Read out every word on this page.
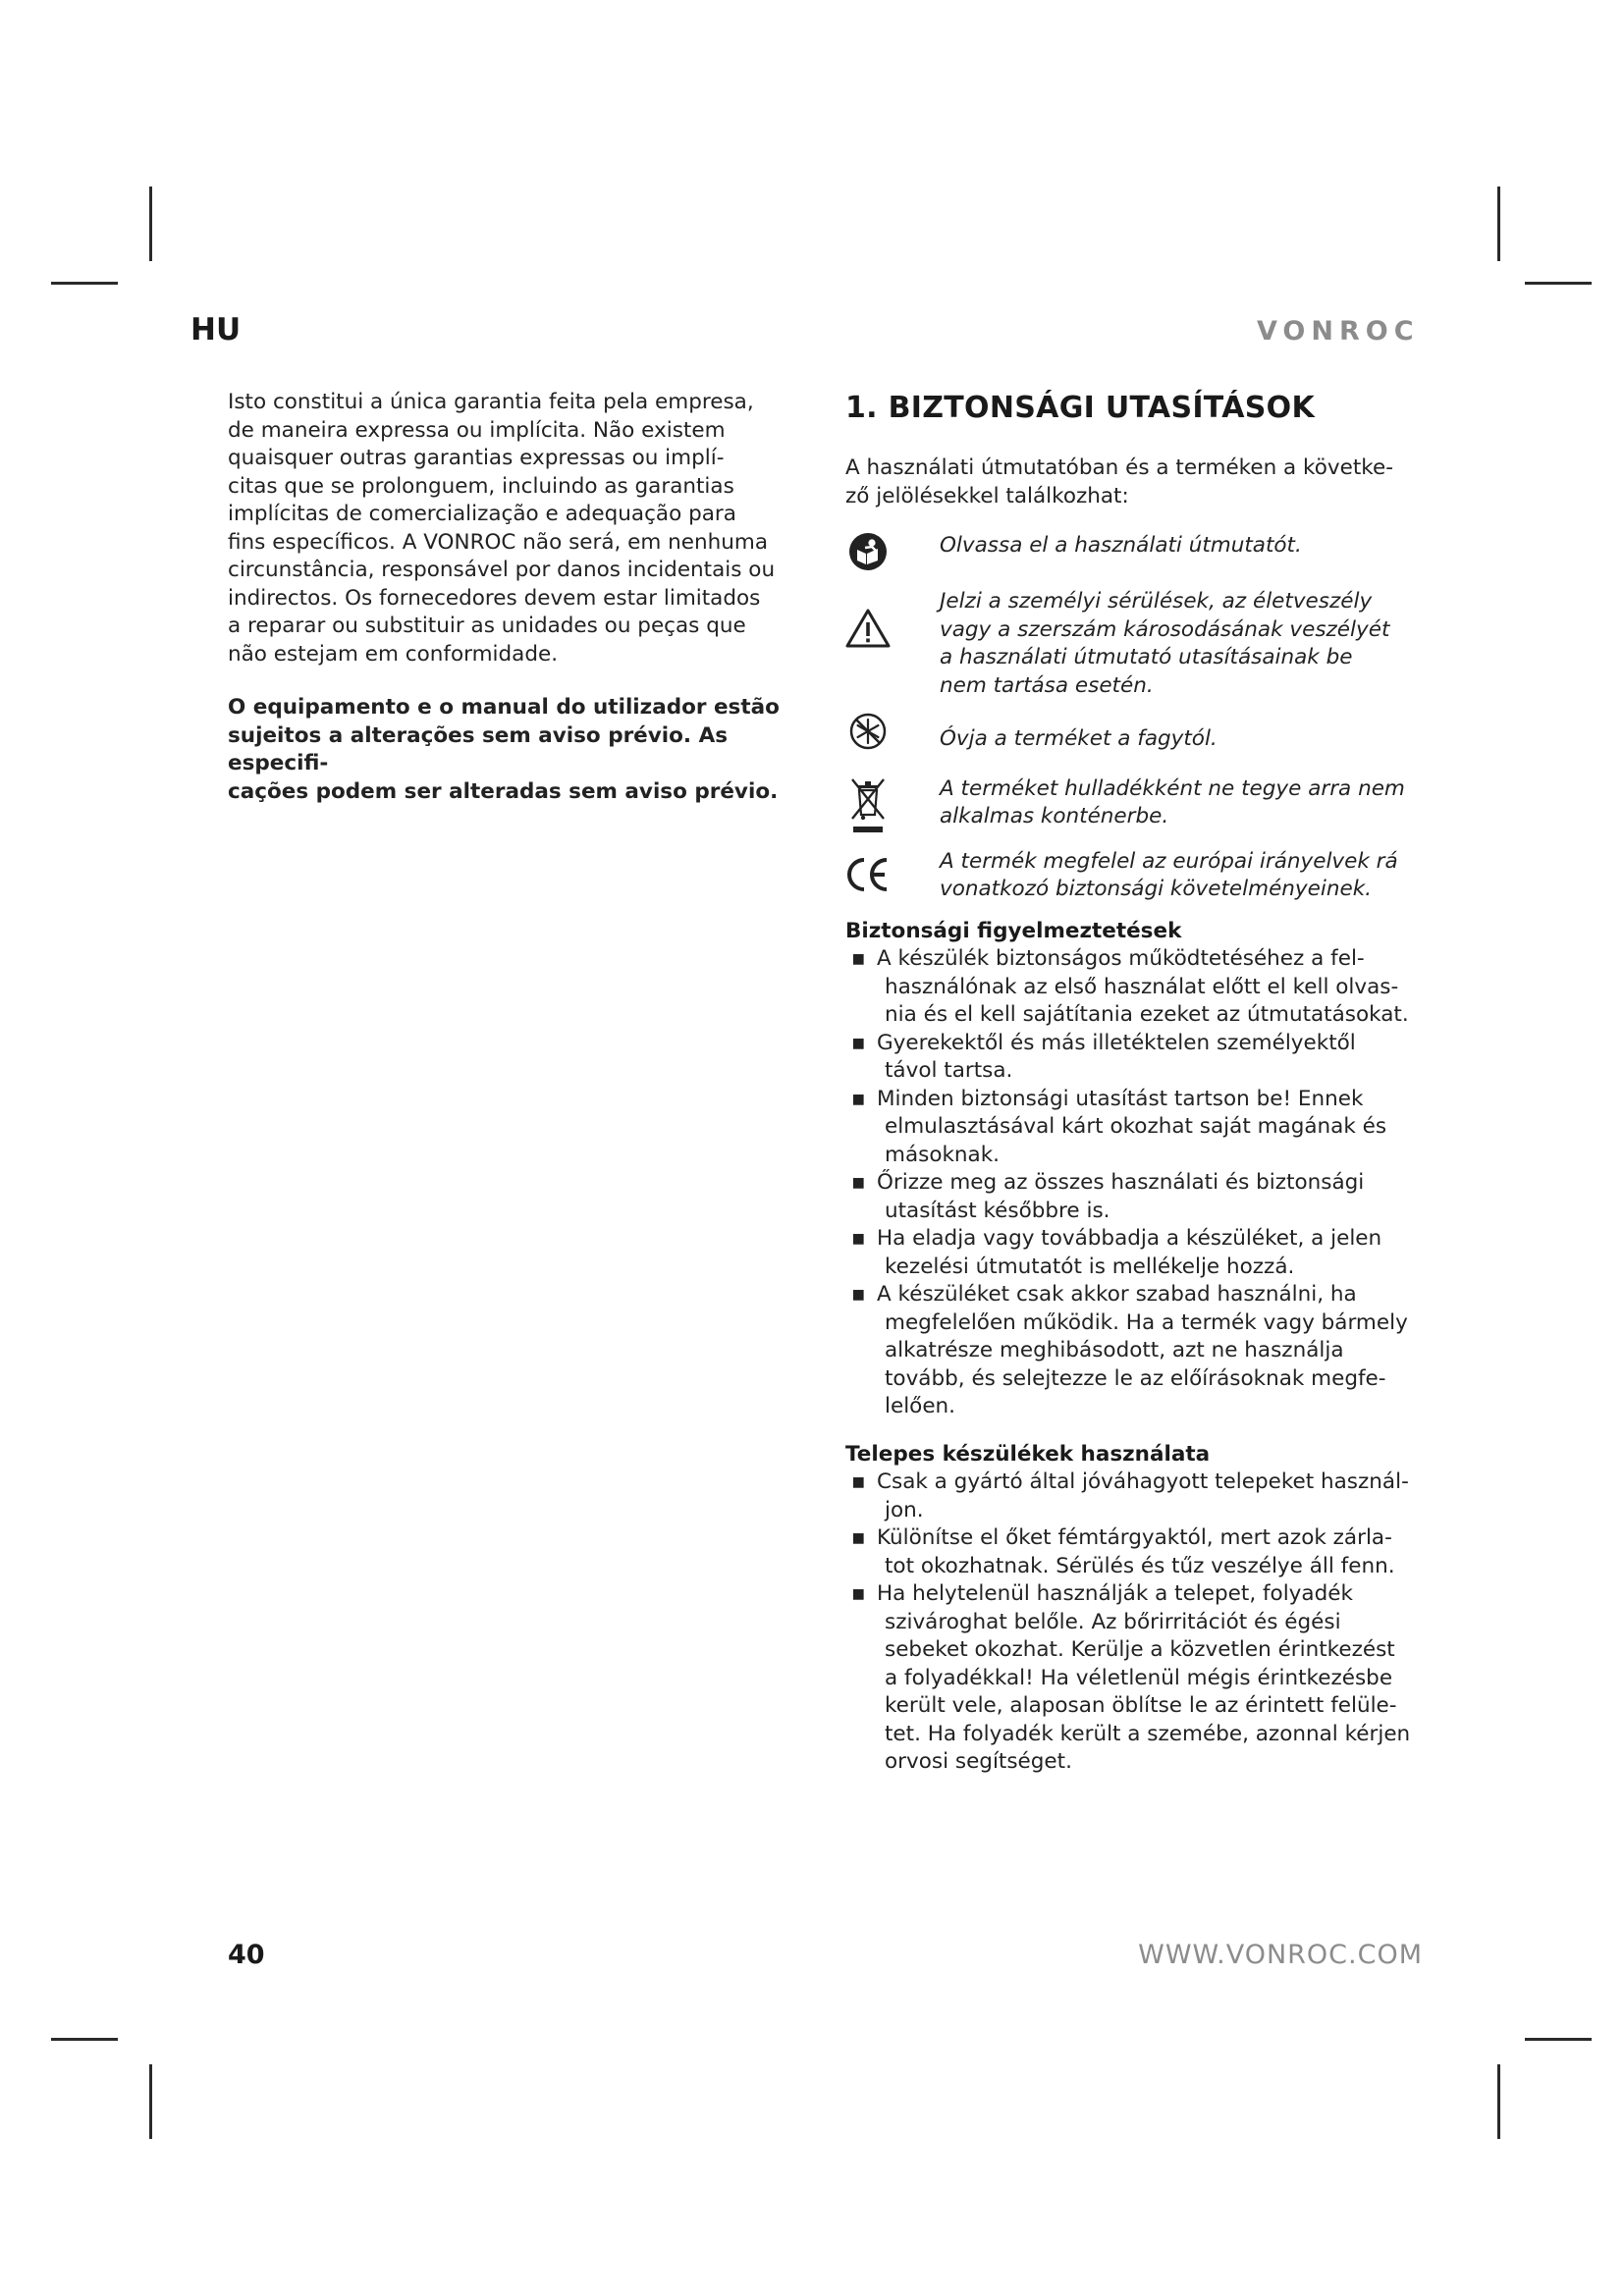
HU	VONROC
Isto constitui a única garantia feita pela empresa,
de maneira expressa ou implícita. Não existem
quaisquer outras garantias expressas ou implí-
citas que se prolonguem, incluindo as garantias
implícitas de comercialização e adequação para
fins específicos. A VONROC não será, em nenhuma
circunstância, responsável por danos incidentais ou
indirectos. Os fornecedores devem estar limitados
a reparar ou substituir as unidades ou peças que
não estejam em conformidade.
O equipamento e o manual do utilizador estão
sujeitos a alterações sem aviso prévio. As especifi-
cações podem ser alteradas sem aviso prévio.
1. BIZTONSÁGI UTASÍTÁSOK
A használati útmutatóban és a terméken a követke-
ző jelölésekkel találkozhat:
Olvassa el a használati útmutatót.
Jelzi a személyi sérülések, az életveszély
vagy a szerszám károsodásának veszélyét
a használati útmutató utasításainak be
nem tartása esetén.
Óvja a terméket a fagytól.
A terméket hulladékként ne tegye arra nem
alkalmas konténerbe.
A termék megfelel az európai irányelvek rá
vonatkozó biztonsági követelményeinek.
Biztonsági figyelmeztetések
▪ A készülék biztonságos működtetéséhez a fel-
használónak az első használat előtt el kell olvas-
nia és el kell sajátítania ezeket az útmutatásokat.
▪ Gyerekektől és más illetéktelen személyektől
távol tartsa.
▪ Minden biztonsági utasítást tartson be! Ennek
elmulasztásával kárt okozhat saját magának és
másoknak.
▪ Őrizze meg az összes használati és biztonsági
utasítást későbbre is.
▪ Ha eladja vagy továbbadja a készüléket, a jelen
kezelési útmutatót is mellékelje hozzá.
▪ A készüléket csak akkor szabad használni, ha
megfelelően működik. Ha a termék vagy bármely
alkatrésze meghibásodott, azt ne használja
tovább, és selejtezze le az előírásoknak megfe-
lelően.
Telepes készülékek használata
▪ Csak a gyártó által jóváhagyott telepeket használ-
jon.
▪ Különítse el őket fémtárgyaktól, mert azok zárla-
tot okozhatnak. Sérülés és tűz veszélye áll fenn.
▪ Ha helytelenül használják a telepet, folyadék
szivároghat belőle. Az bőrirritációt és égési
sebeket okozhat. Kerülje a közvetlen érintkezést
a folyadékkal! Ha véletlenül mégis érintkezésbe
került vele, alaposan öblítse le az érintett felüle-
tet. Ha folyadék került a szemébe, azonnal kérjen
orvosi segítséget.
40	WWW.VONROC.COM
